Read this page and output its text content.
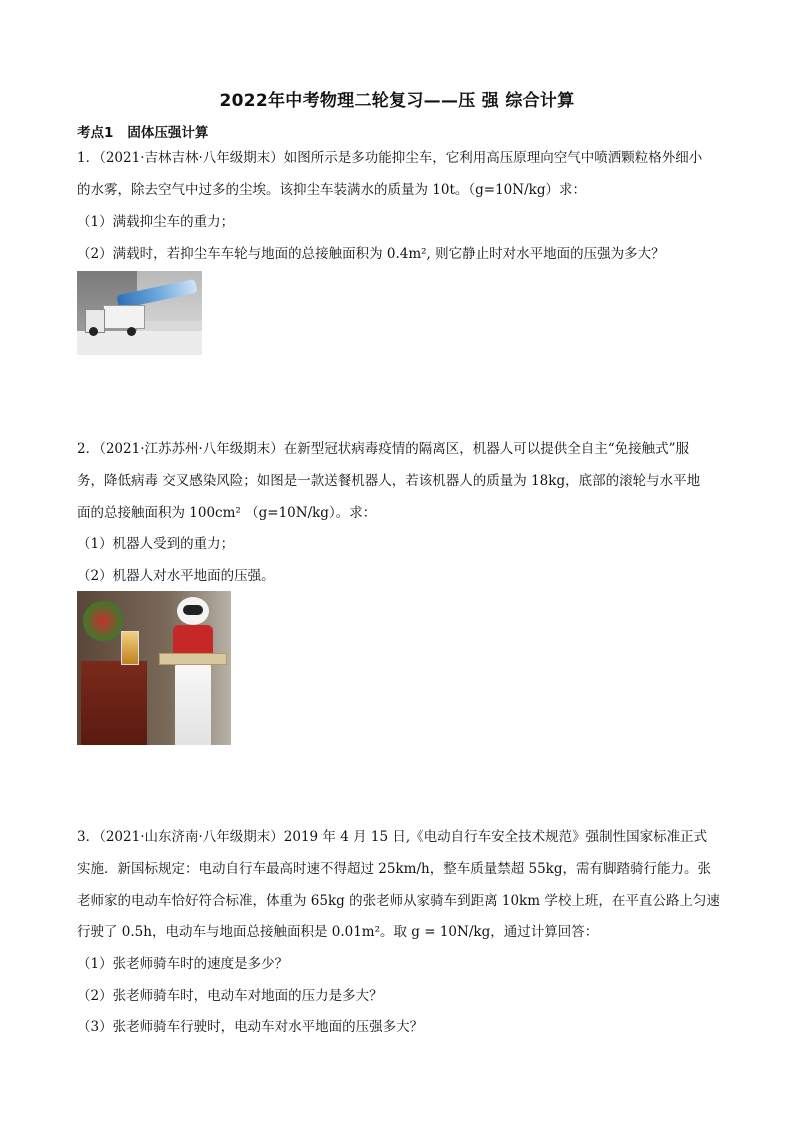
2022年中考物理二轮复习——压 强 综合计算
考点1 固体压强计算
1．（2021·吉林吉林·八年级期末）如图所示是多功能抑尘车，它利用高压原理向空气中喷洒颗粒格外细小
的水雾，除去空气中过多的尘埃。该抑尘车装满水的质量为 10t。（g=10N/kg）求：
（1）满载抑尘车的重力；
（2）满载时，若抑尘车车轮与地面的总接触面积为 0.4m², 则它静止时对水平地面的压强为多大？
2．（2021·江苏苏州·八年级期末）在新型冠状病毒疫情的隔离区，机器人可以提供全自主“免接触式”服
务，降低病毒 交叉感染风险；如图是一款送餐机器人，若该机器人的质量为 18kg，底部的滚轮与水平地
面的总接触面积为 100cm² （g=10N/kg）。求：
（1）机器人受到的重力；
（2）机器人对水平地面的压强。
3．（2021·山东济南·八年级期末）2019 年 4 月 15 日,《电动自行车安全技术规范》强制性国家标准正式
实施．新国标规定：电动自行车最高时速不得超过 25km/h，整车质量禁超 55kg，需有脚踏骑行能力。张
老师家的电动车恰好符合标准，体重为 65kg 的张老师从家骑车到距离 10km 学校上班，在平直公路上匀速
行驶了 0.5h，电动车与地面总接触面积是 0.01m²。取 g = 10N/kg，通过计算回答：
（1）张老师骑车时的速度是多少？
（2）张老师骑车时，电动车对地面的压力是多大？
（3）张老师骑车行驶时，电动车对水平地面的压强多大？
